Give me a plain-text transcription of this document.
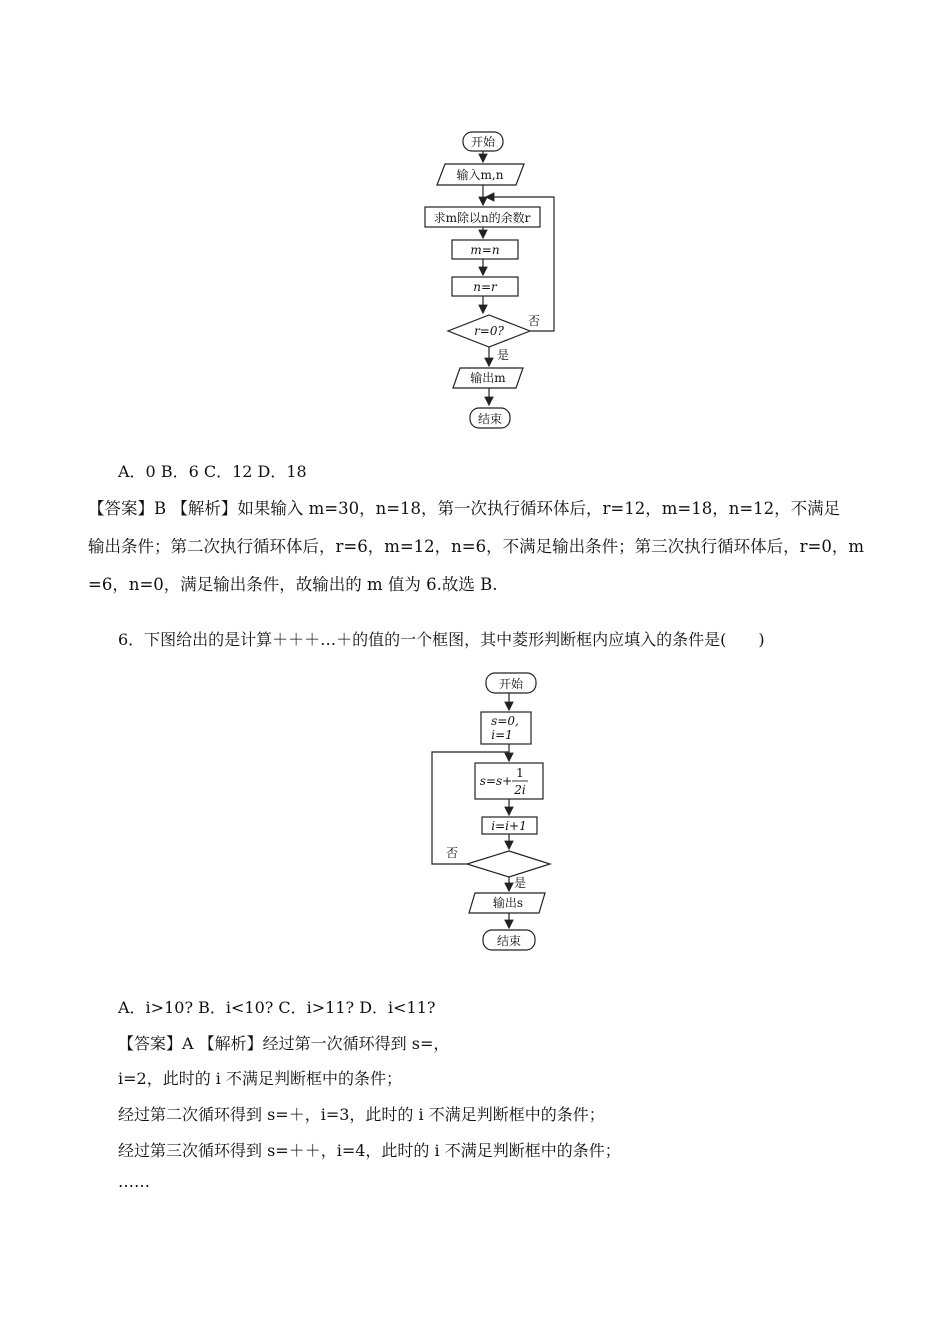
开始
输入m,n
求m除以n的余数r
m=n
n=r
r=0?
否
是
输出m
结束
A．0 B．6 C．12 D．18
【答案】B 【解析】如果输入 m=30，n=18，第一次执行循环体后，r=12，m=18，n=12，不满足
输出条件；第二次执行循环体后，r=6，m=12，n=6，不满足输出条件；第三次执行循环体后，r=0，m
=6，n=0，满足输出条件，故输出的 m 值为 6.故选 B.
6．下图给出的是计算＋＋＋…＋的值的一个框图，其中菱形判断框内应填入的条件是(　　)
开始
s=0,
i=1
s=s+
1
2i
i=i+1
否
是
输出s
结束
A．i>10? B．i<10? C．i>11? D．i<11?
【答案】A 【解析】经过第一次循环得到 s=，
i=2，此时的 i 不满足判断框中的条件；
经过第二次循环得到 s=＋，i=3，此时的 i 不满足判断框中的条件；
经过第三次循环得到 s=＋＋，i=4，此时的 i 不满足判断框中的条件；
……
